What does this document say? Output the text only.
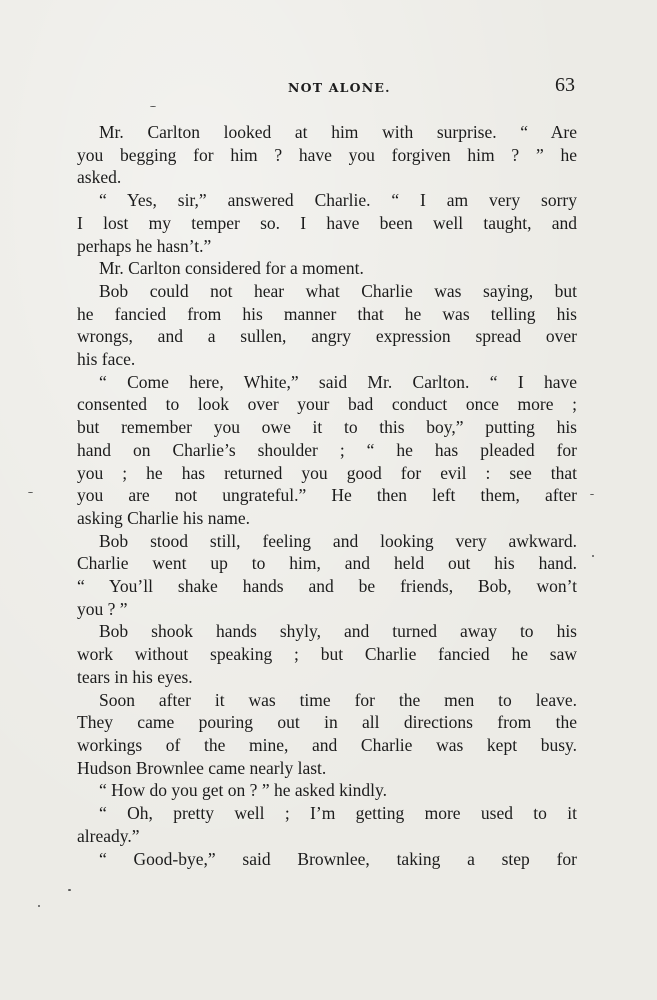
NOT ALONE.	63
Mr. Carlton looked at him with surprise. “ Are
you begging for him ? have you forgiven him ? ” he
asked.
“ Yes, sir,” answered Charlie. “ I am very sorry
I lost my temper so. I have been well taught, and
perhaps he hasn’t.”
Mr. Carlton considered for a moment.
Bob could not hear what Charlie was saying, but
he fancied from his manner that he was telling his
wrongs, and a sullen, angry expression spread over
his face.
“ Come here, White,” said Mr. Carlton. “ I have
consented to look over your bad conduct once more ;
but remember you owe it to this boy,” putting his
hand on Charlie’s shoulder ; “ he has pleaded for
you ; he has returned you good for evil : see that
you are not ungrateful.” He then left them, after
asking Charlie his name.
Bob stood still, feeling and looking very awkward.
Charlie went up to him, and held out his hand.
“ You’ll shake hands and be friends, Bob, won’t
you ? ”
Bob shook hands shyly, and turned away to his
work without speaking ; but Charlie fancied he saw
tears in his eyes.
Soon after it was time for the men to leave.
They came pouring out in all directions from the
workings of the mine, and Charlie was kept busy.
Hudson Brownlee came nearly last.
“ How do you get on ? ” he asked kindly.
“ Oh, pretty well ; I’m getting more used to it
already.”
“ Good-bye,” said Brownlee, taking a step for
